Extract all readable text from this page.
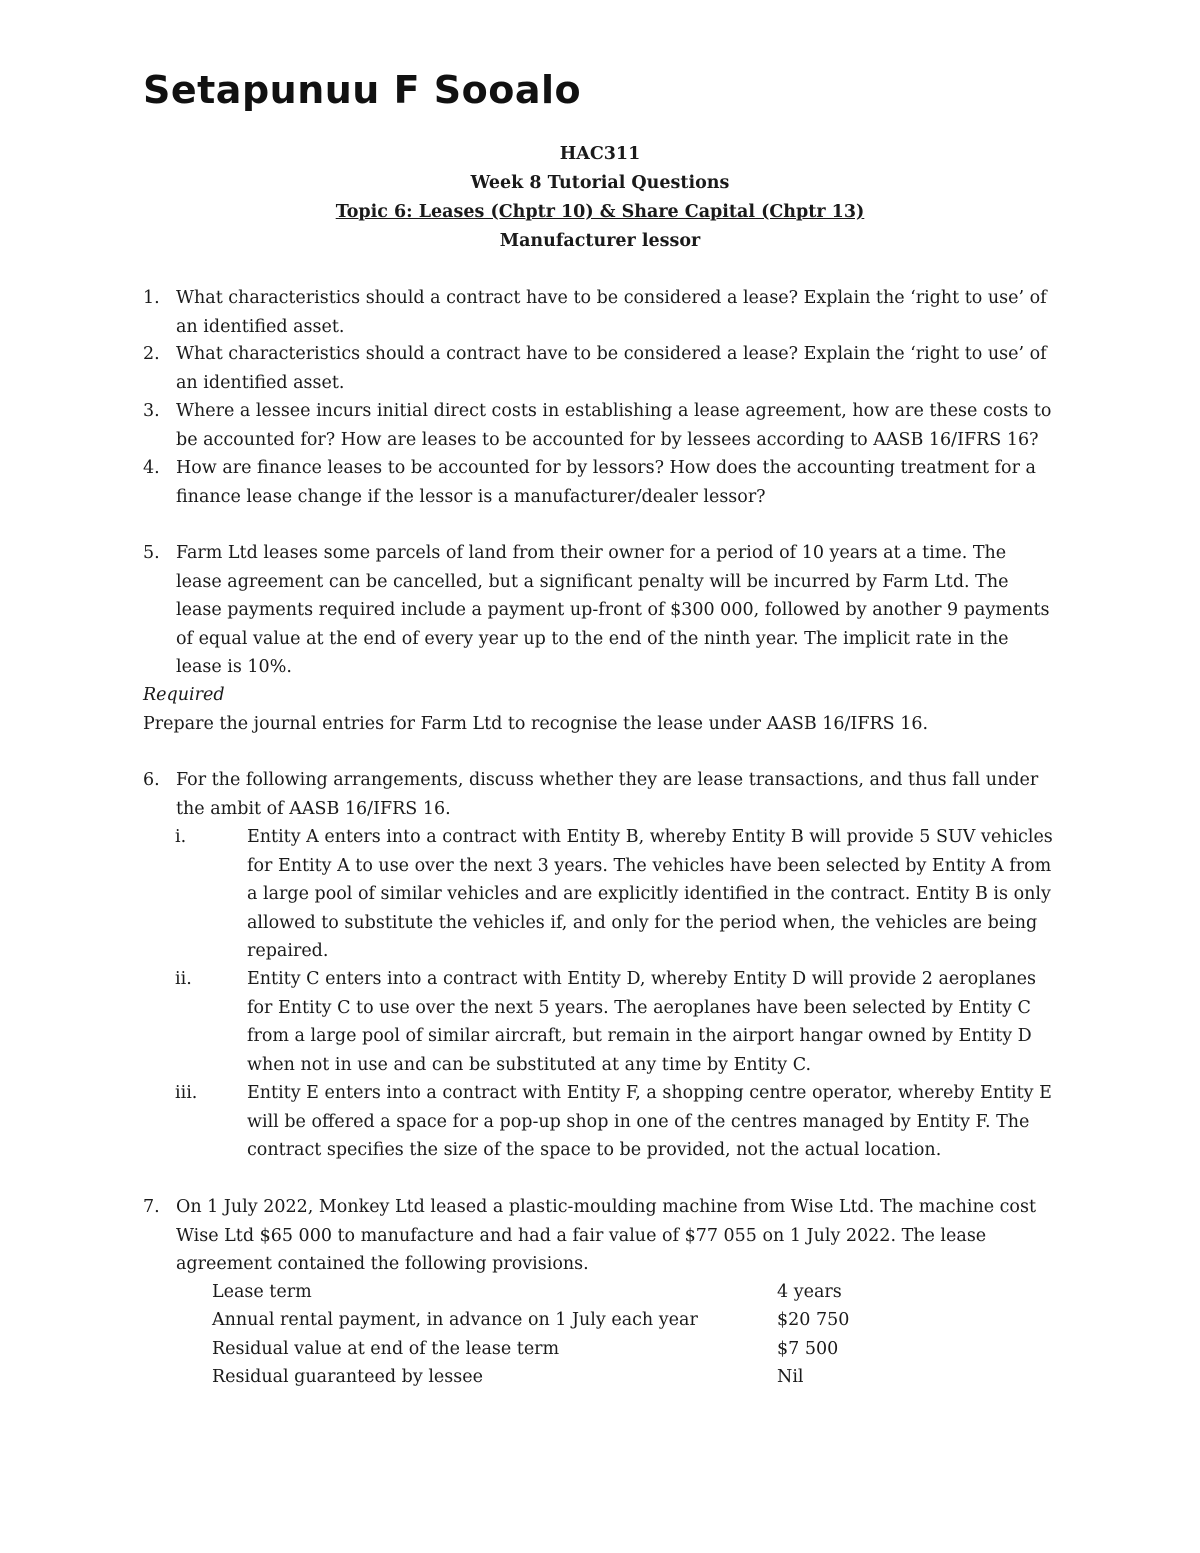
Setapunuu F Sooalo
HAC311
Week 8 Tutorial Questions
Topic 6: Leases (Chptr 10) & Share Capital (Chptr 13)
Manufacturer lessor
1. What characteristics should a contract have to be considered a lease? Explain the ‘right to use’ of an identified asset.
2. What characteristics should a contract have to be considered a lease? Explain the ‘right to use’ of an identified asset.
3. Where a lessee incurs initial direct costs in establishing a lease agreement, how are these costs to be accounted for? How are leases to be accounted for by lessees according to AASB 16/IFRS 16?
4. How are finance leases to be accounted for by lessors? How does the accounting treatment for a finance lease change if the lessor is a manufacturer/dealer lessor?
5. Farm Ltd leases some parcels of land from their owner for a period of 10 years at a time. The lease agreement can be cancelled, but a significant penalty will be incurred by Farm Ltd. The lease payments required include a payment up-front of $300 000, followed by another 9 payments of equal value at the end of every year up to the end of the ninth year. The implicit rate in the lease is 10%.
Required
Prepare the journal entries for Farm Ltd to recognise the lease under AASB 16/IFRS 16.
6. For the following arrangements, discuss whether they are lease transactions, and thus fall under the ambit of AASB 16/IFRS 16.
i.	Entity A enters into a contract with Entity B, whereby Entity B will provide 5 SUV vehicles for Entity A to use over the next 3 years. The vehicles have been selected by Entity A from a large pool of similar vehicles and are explicitly identified in the contract. Entity B is only allowed to substitute the vehicles if, and only for the period when, the vehicles are being repaired.
ii.	Entity C enters into a contract with Entity D, whereby Entity D will provide 2 aeroplanes for Entity C to use over the next 5 years. The aeroplanes have been selected by Entity C from a large pool of similar aircraft, but remain in the airport hangar owned by Entity D when not in use and can be substituted at any time by Entity C.
iii.	Entity E enters into a contract with Entity F, a shopping centre operator, whereby Entity E will be offered a space for a pop-up shop in one of the centres managed by Entity F. The contract specifies the size of the space to be provided, not the actual location.
7. On 1 July 2022, Monkey Ltd leased a plastic-moulding machine from Wise Ltd. The machine cost Wise Ltd $65 000 to manufacture and had a fair value of $77 055 on 1 July 2022. The lease agreement contained the following provisions.
Lease term	4 years
Annual rental payment, in advance on 1 July each year	$20 750
Residual value at end of the lease term	$7 500
Residual guaranteed by lessee	Nil
